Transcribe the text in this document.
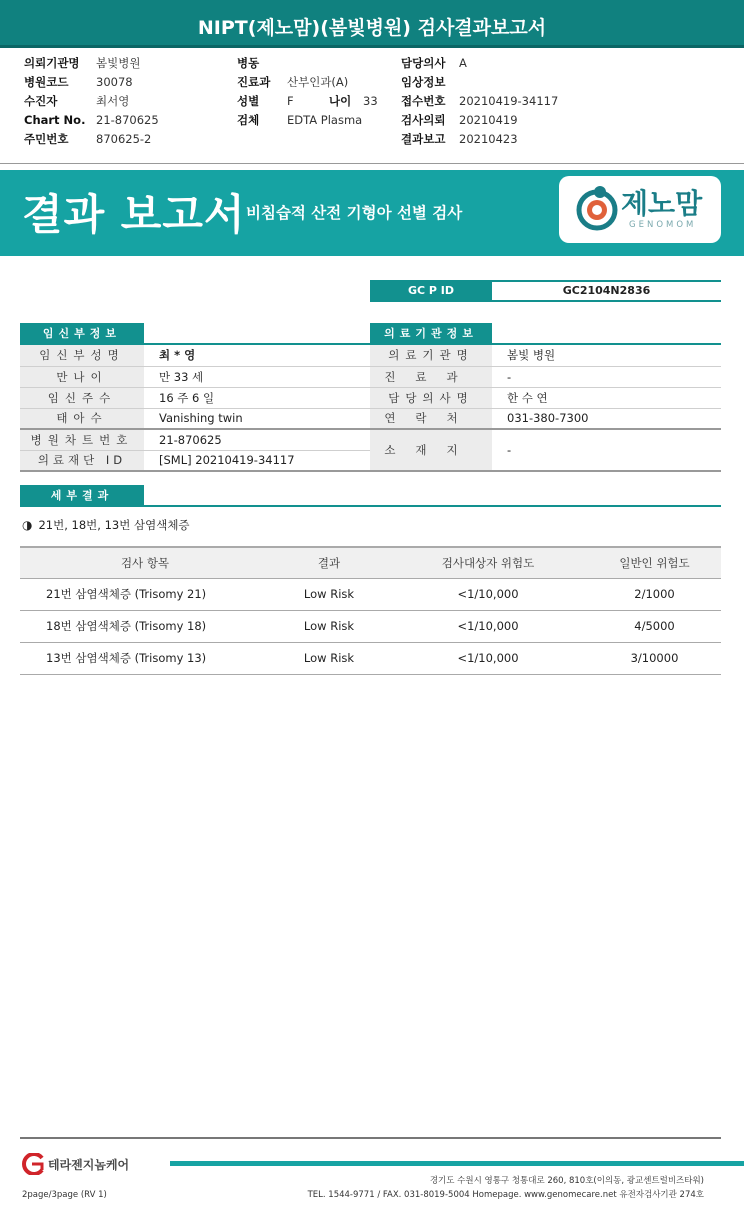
NIPT(제노맘)(봄빛병원) 검사결과보고서
의뢰기관명 봄빛병원
병원코드 30078
수진자	최서영
Chart No. 21-870625
주민번호 870625-2
병동
진료과 산부인과(A)
성별 F	나이 33
검체 EDTA Plasma
담당의사 A
임상정보
접수번호 20210419-34117
검사의뢰 20210419
결과보고 20210423
결과 보고서 비침습적 산전 기형아 선별 검사	제노맘
GENOMOM
GC P ID	GC2104N2836
임신부정보
임신부성명	최 * 영
만나이	만 33 세
임신주수	16 주 6 일
태아수	Vanishing twin
병원차트번호	21-870625
의료재단 ID	[SML] 20210419-34117
의료기관정보
의료기관명	봄빛 병원
진료과	-
담당의사명	한 수 연
연락처	031-380-7300
소재지	-
세부결과
◑ 21번, 18번, 13번 삼염색체증
검사 항목	결과	검사대상자 위험도	일반인 위험도
21번 삼염색체증 (Trisomy 21)	Low Risk	<1/10,000	2/1000
18번 삼염색체증 (Trisomy 18)	Low Risk	<1/10,000	4/5000
13번 삼염색체증 (Trisomy 13)	Low Risk	<1/10,000	3/10000
테라젠지놈케어
경기도 수원시 영통구 청통대로 260, 810호(이의동, 광교센트럴비즈타워)
TEL. 1544-9771 / FAX. 031-8019-5004 Homepage. www.genomecare.net 유전자검사기관 274호
2page/3page (RV 1)
